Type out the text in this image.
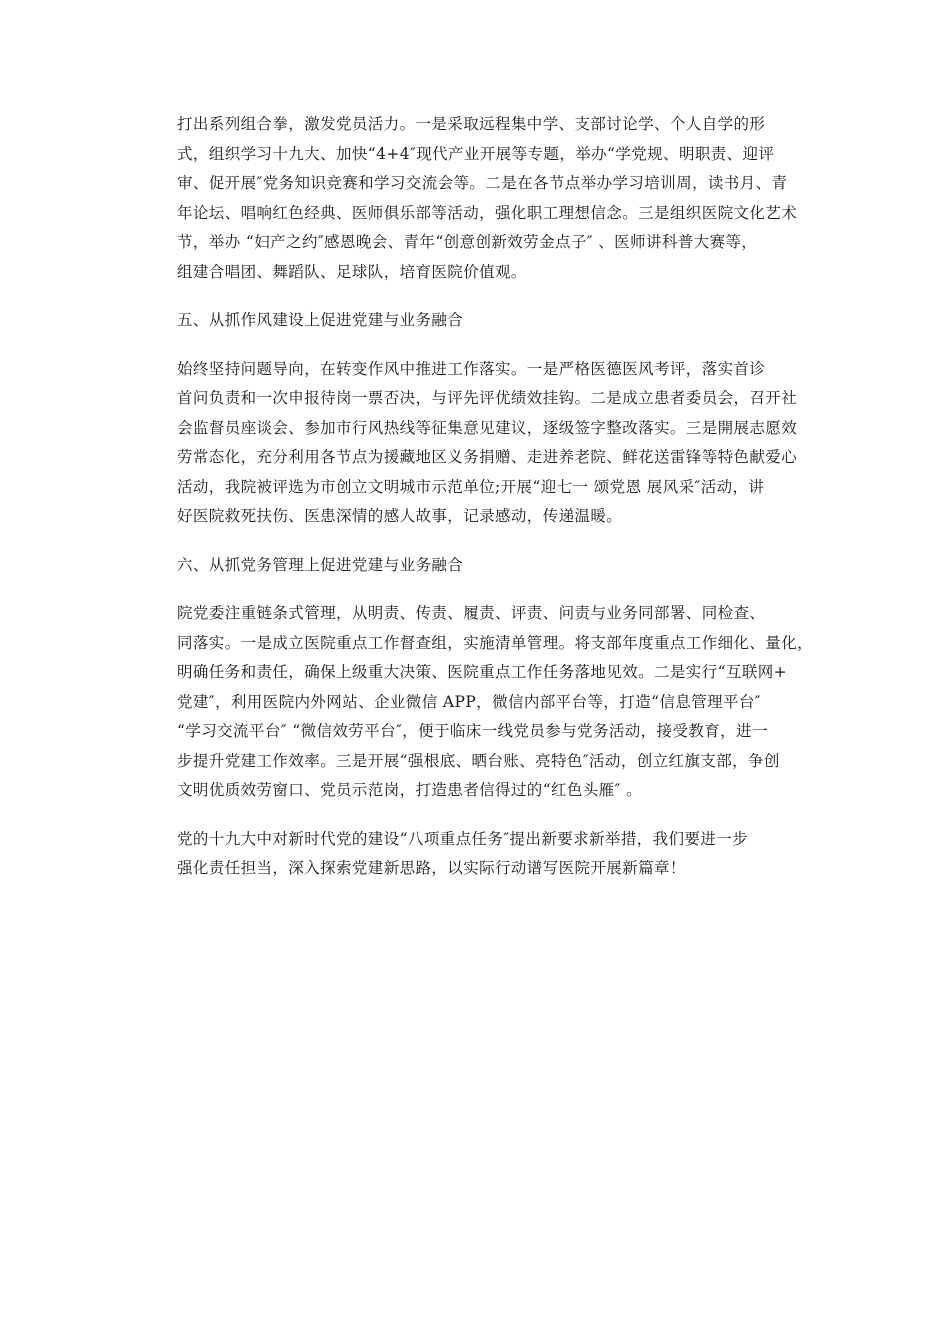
打出系列组合拳，激发党员活力。一是采取远程集中学、支部讨论学、个人自学的形
式，组织学习十九大、加快“4+4″现代产业开展等专题，举办“学党规、明职责、迎评
审、促开展″党务知识竞赛和学习交流会等。二是在各节点举办学习培训周，读书月、青
年论坛、唱响红色经典、医师俱乐部等活动，强化职工理想信念。三是组织医院文化艺术
节，举办 “妇产之约″感恩晚会、青年“创意创新效劳金点子″ 、医师讲科普大赛等，
组建合唱团、舞蹈队、足球队，培育医院价值观。

五、从抓作风建设上促进党建与业务融合

始终坚持问题导向，在转变作风中推进工作落实。一是严格医德医风考评，落实首诊
首问负责和一次申报待岗一票否决，与评先评优绩效挂钩。二是成立患者委员会，召开社
会监督员座谈会、参加市行风热线等征集意见建议，逐级签字整改落实。三是開展志愿效
劳常态化，充分利用各节点为援藏地区义务捐赠、走进养老院、鲜花送雷锋等特色献爱心
活动，我院被评选为市创立文明城市示范单位;开展“迎七一 颂党恩 展风采″活动，讲
好医院救死扶伤、医患深情的感人故事，记录感动，传递温暖。

六、从抓党务管理上促进党建与业务融合

院党委注重链条式管理，从明责、传责、履责、评责、问责与业务同部署、同检查、
同落实。一是成立医院重点工作督查组，实施清单管理。将支部年度重点工作细化、量化，
明确任务和责任，确保上级重大决策、医院重点工作任务落地见效。二是实行“互联网+
党建″，利用医院内外网站、企业微信 APP，微信内部平台等，打造“信息管理平台″
“学习交流平台″ “微信效劳平台″，便于临床一线党员参与党务活动，接受教育，进一
步提升党建工作效率。三是开展“强根底、晒台账、亮特色″活动，创立红旗支部，争创
文明优质效劳窗口、党员示范岗，打造患者信得过的“红色头雁″ 。

党的十九大中对新时代党的建设“八项重点任务″提出新要求新举措，我们要进一步
强化责任担当，深入探索党建新思路，以实际行动谱写医院开展新篇章！
